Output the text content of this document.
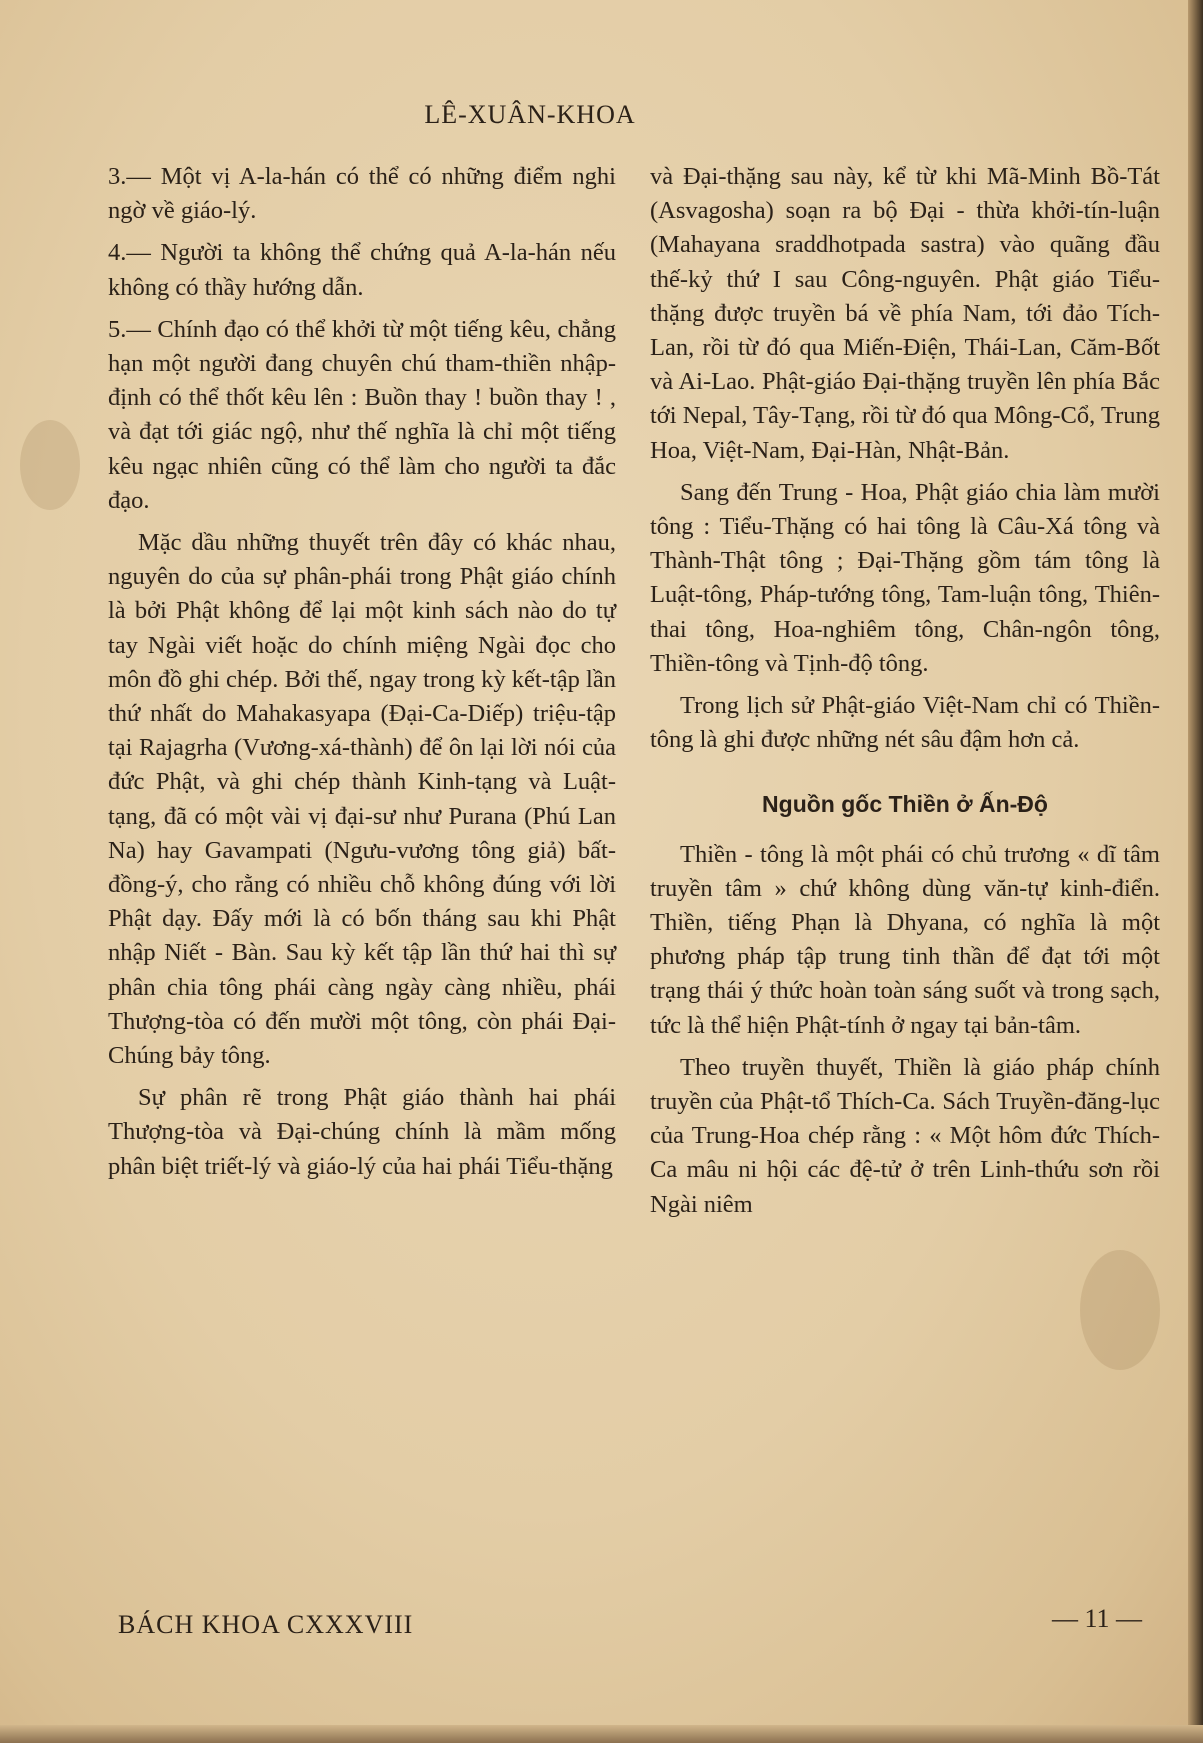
LÊ-XUÂN-KHOA

3.— Một vị A-la-hán có thể có những điểm nghi ngờ về giáo-lý.

4.— Người ta không thể chứng quả A-la-hán nếu không có thầy hướng dẫn.

5.— Chính đạo có thể khởi từ một tiếng kêu, chẳng hạn một người đang chuyên chú tham-thiền nhập-định có thể thốt kêu lên : Buồn thay ! buồn thay ! , và đạt tới giác ngộ, như thế nghĩa là chỉ một tiếng kêu ngạc nhiên cũng có thể làm cho người ta đắc đạo.

Mặc dầu những thuyết trên đây có khác nhau, nguyên do của sự phân-phái trong Phật giáo chính là bởi Phật không để lại một kinh sách nào do tự tay Ngài viết hoặc do chính miệng Ngài đọc cho môn đồ ghi chép. Bởi thế, ngay trong kỳ kết-tập lần thứ nhất do Mahakasyapa (Đại-Ca-Diếp) triệu-tập tại Rajagrha (Vương-xá-thành) để ôn lại lời nói của đức Phật, và ghi chép thành Kinh-tạng và Luật-tạng, đã có một vài vị đại-sư như Purana (Phú Lan Na) hay Gavampati (Ngưu-vương tông giả) bất-đồng-ý, cho rằng có nhiều chỗ không đúng với lời Phật dạy. Đấy mới là có bốn tháng sau khi Phật nhập Niết - Bàn. Sau kỳ kết tập lần thứ hai thì sự phân chia tông phái càng ngày càng nhiều, phái Thượng-tòa có đến mười một tông, còn phái Đại-Chúng bảy tông.

Sự phân rẽ trong Phật giáo thành hai phái Thượng-tòa và Đại-chúng chính là mầm mống phân biệt triết-lý và giáo-lý của hai phái Tiểu-thặng

và Đại-thặng sau này, kể từ khi Mã-Minh Bồ-Tát (Asvagosha) soạn ra bộ Đại - thừa khởi-tín-luận (Mahayana sraddhotpada sastra) vào quãng đầu thế-kỷ thứ I sau Công-nguyên. Phật giáo Tiểu-thặng được truyền bá về phía Nam, tới đảo Tích-Lan, rồi từ đó qua Miến-Điện, Thái-Lan, Căm-Bốt và Ai-Lao. Phật-giáo Đại-thặng truyền lên phía Bắc tới Nepal, Tây-Tạng, rồi từ đó qua Mông-Cổ, Trung Hoa, Việt-Nam, Đại-Hàn, Nhật-Bản.

Sang đến Trung - Hoa, Phật giáo chia làm mười tông : Tiểu-Thặng có hai tông là Câu-Xá tông và Thành-Thật tông ; Đại-Thặng gồm tám tông là Luật-tông, Pháp-tướng tông, Tam-luận tông, Thiên-thai tông, Hoa-nghiêm tông, Chân-ngôn tông, Thiền-tông và Tịnh-độ tông.

Trong lịch sử Phật-giáo Việt-Nam chỉ có Thiền-tông là ghi được những nét sâu đậm hơn cả.

Nguồn gốc Thiền ở Ấn-Độ

Thiền - tông là một phái có chủ trương « dĩ tâm truyền tâm » chứ không dùng văn-tự kinh-điển. Thiền, tiếng Phạn là Dhyana, có nghĩa là một phương pháp tập trung tinh thần để đạt tới một trạng thái ý thức hoàn toàn sáng suốt và trong sạch, tức là thể hiện Phật-tính ở ngay tại bản-tâm.

Theo truyền thuyết, Thiền là giáo pháp chính truyền của Phật-tổ Thích-Ca. Sách Truyền-đăng-lục của Trung-Hoa chép rằng : « Một hôm đức Thích-Ca mâu ni hội các đệ-tử ở trên Linh-thứu sơn rồi Ngài niêm

BÁCH KHOA CXXXVIII	— 11 —
